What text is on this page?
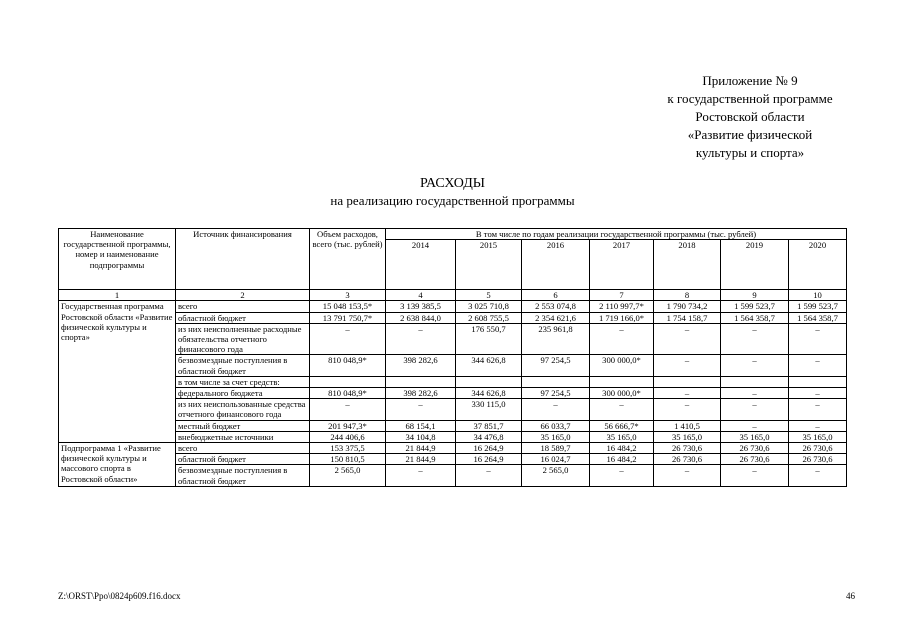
Приложение № 9
к государственной программе
Ростовской области
«Развитие физической
культуры и спорта»
РАСХОДЫ
на реализацию государственной программы
Наименование государственной программы, номер и наименование подпрограммы	Источник финансирования	Объем расходов, всего (тыс. рублей)	В том числе по годам реализации государственной программы (тыс. рублей)						
			2014	2015	2016	2017	2018	2019	2020
1	2	3	4	5	6	7	8	9	10
Государственная программа Ростовской области «Развитие физической культуры и спорта»	всего	15 048 153,5*	3 139 385,5	3 025 710,8	2 553 074,8	2 110 997,7*	1 790 734,2	1 599 523,7	1 599 523,7
	областной бюджет	13 791 750,7*	2 638 844,0	2 608 755,5	2 354 621,6	1 719 166,0*	1 754 158,7	1 564 358,7	1 564 358,7
	из них неисполненные расходные обязательства отчетного финансового года	–	–	176 550,7	235 961,8	–	–	–	–
	безвозмездные поступления в областной бюджет	810 048,9*	398 282,6	344 626,8	97 254,5	300 000,0*	–	–	–
	в том числе за счет средств:								
	федерального бюджета	810 048,9*	398 282,6	344 626,8	97 254,5	300 000,0*	–	–	–
	из них неиспользованные средства отчетного финансового года	–	–	330 115,0	–	–	–	–	–
	местный бюджет	201 947,3*	68 154,1	37 851,7	66 033,7	56 666,7*	1 410,5	–	–
	внебюджетные источники	244 406,6	34 104,8	34 476,8	35 165,0	35 165,0	35 165,0	35 165,0	35 165,0
Подпрограмма 1 «Развитие физической культуры и массового спорта в Ростовской области»	всего	153 375,5	21 844,9	16 264,9	18 589,7	16 484,2	26 730,6	26 730,6	26 730,6
	областной бюджет	150 810,5	21 844,9	16 264,9	16 024,7	16 484,2	26 730,6	26 730,6	26 730,6
	безвозмездные поступления в областной бюджет	2 565,0	–	–	2 565,0	–	–	–	–
Z:\ORST\Ppo\0824p609.f16.docx	46
